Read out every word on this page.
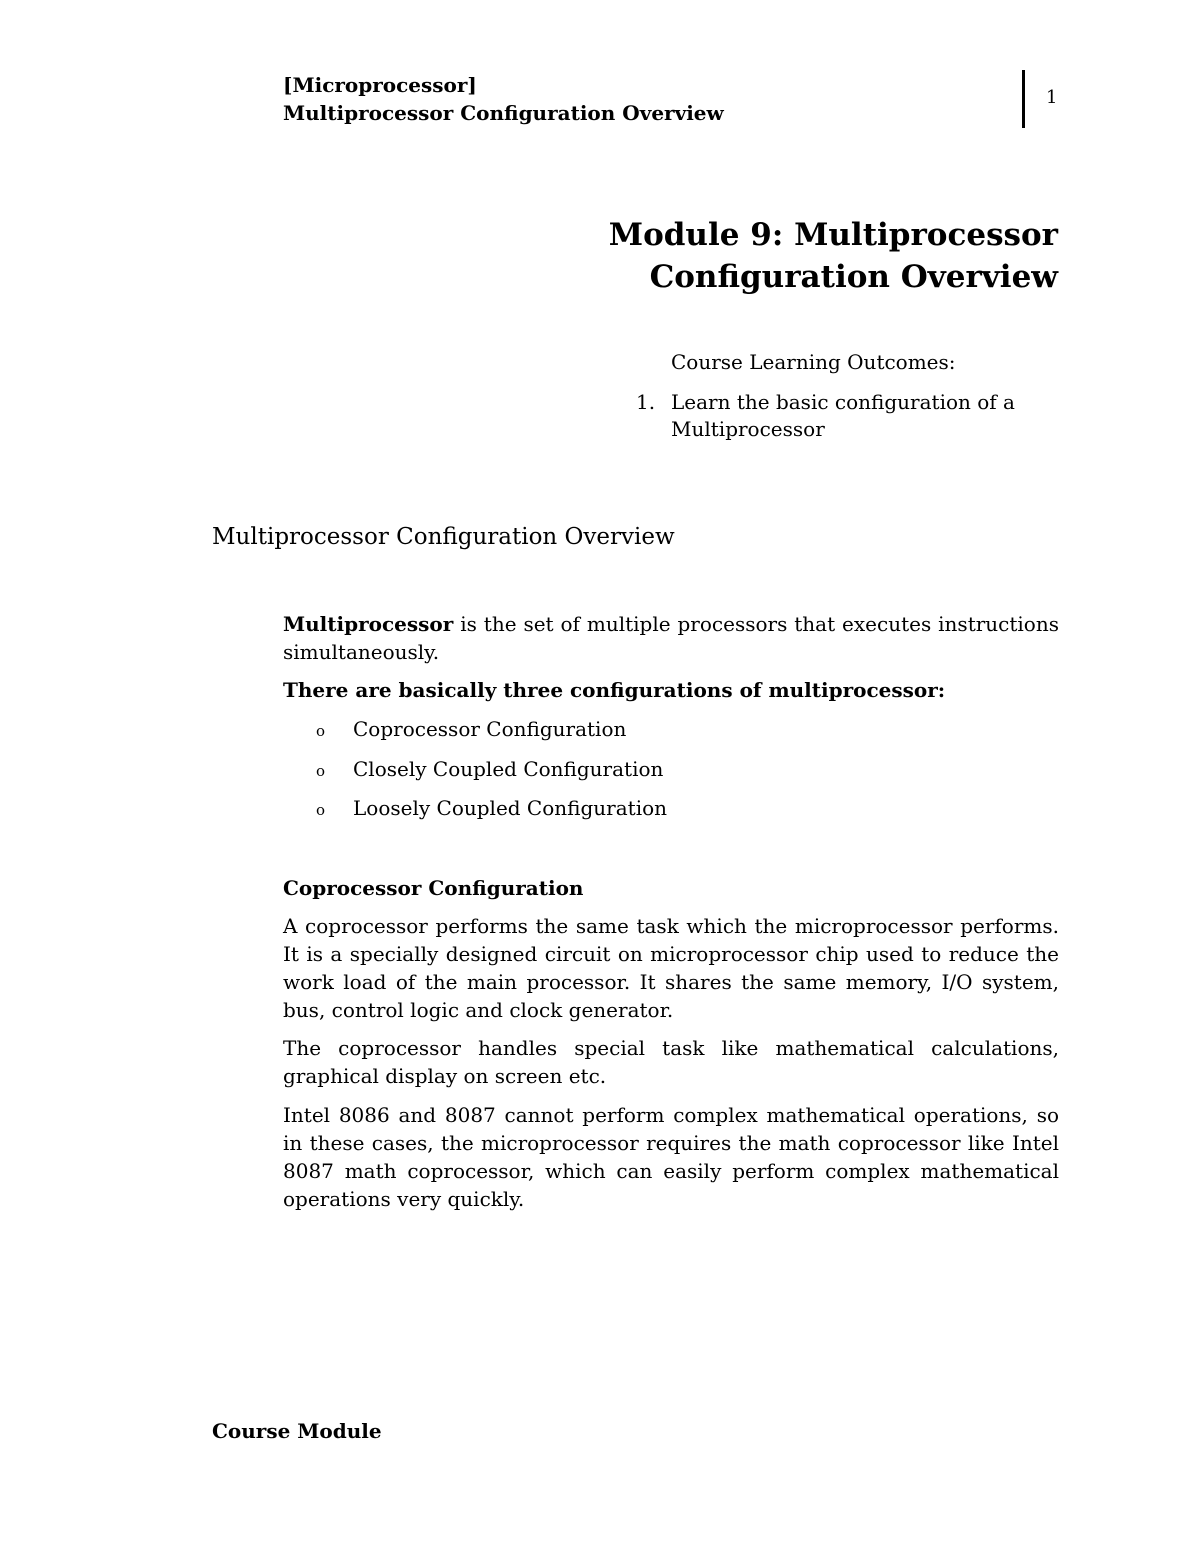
[Microprocessor]
Multiprocessor Configuration Overview
1
Module 9: Multiprocessor
Configuration Overview
Course Learning Outcomes:
1. Learn the basic configuration of a Multiprocessor
Multiprocessor Configuration Overview
Multiprocessor is the set of multiple processors that executes instructions simultaneously.
There are basically three configurations of multiprocessor:
o	Coprocessor Configuration
o	Closely Coupled Configuration
o	Loosely Coupled Configuration
Coprocessor Configuration
A coprocessor performs the same task which the microprocessor performs. It is a specially designed circuit on microprocessor chip used to reduce the work load of the main processor. It shares the same memory, I/O system, bus, control logic and clock generator.
The coprocessor handles special task like mathematical calculations, graphical display on screen etc.
Intel 8086 and 8087 cannot perform complex mathematical operations, so in these cases, the microprocessor requires the math coprocessor like Intel 8087 math coprocessor, which can easily perform complex mathematical operations very quickly.
Course Module
